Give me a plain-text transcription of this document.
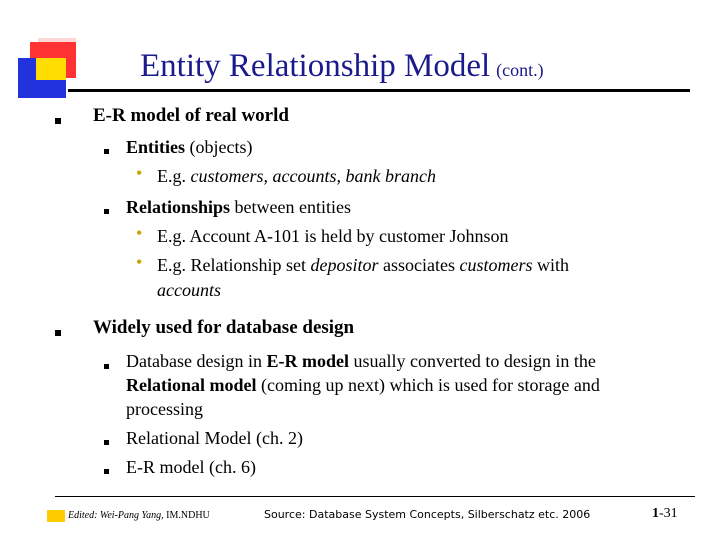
Entity Relationship Model (cont.)
E-R model of real world
Entities (objects)
• E.g. customers, accounts, bank branch
Relationships between entities
• E.g. Account A-101 is held by customer Johnson
• E.g. Relationship set depositor associates customers with
accounts
Widely used for database design
Database design in E-R model usually converted to design in the
Relational model (coming up next) which is used for storage and
processing
Relational Model (ch. 2)
E-R model (ch. 6)
Edited: Wei-Pang Yang, IM.NDHU	Source: Database System Concepts, Silberschatz etc. 2006	1-31
